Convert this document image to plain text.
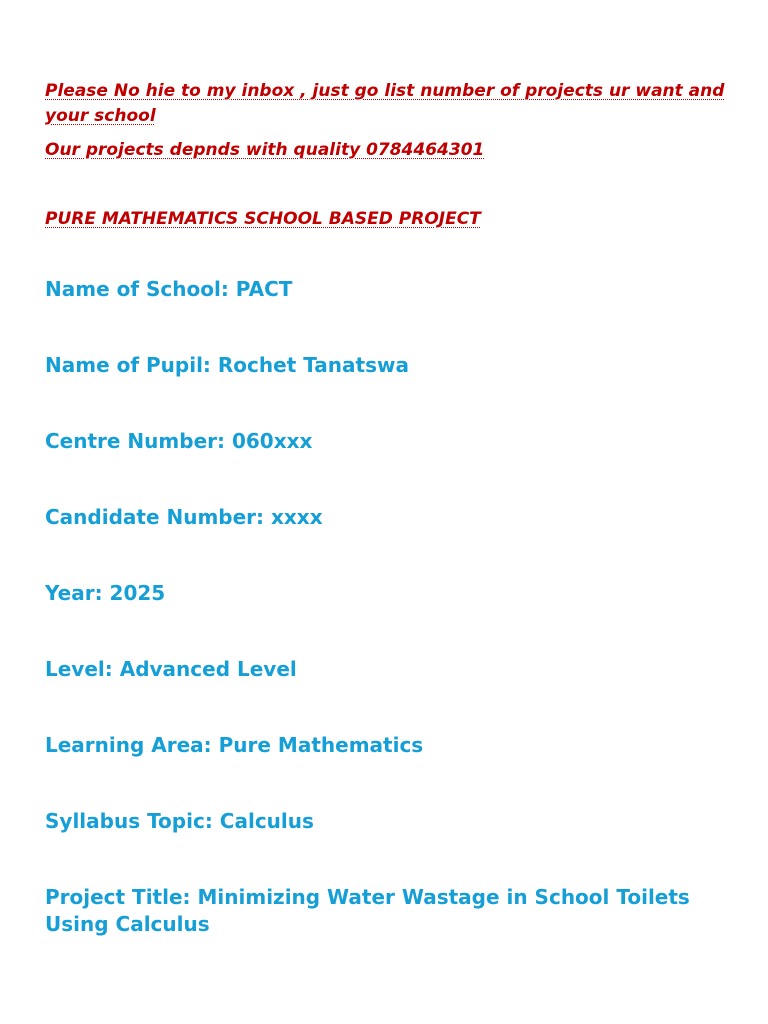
Please No hie to my inbox , just go list number of projects ur want and your school
Our projects depnds with quality 0784464301
PURE MATHEMATICS SCHOOL BASED PROJECT
Name of School: PACT
Name of Pupil: Rochet Tanatswa
Centre Number: 060xxx
Candidate Number: xxxx
Year: 2025
Level: Advanced Level
Learning Area: Pure Mathematics
Syllabus Topic: Calculus
Project Title: Minimizing Water Wastage in School Toilets Using Calculus
